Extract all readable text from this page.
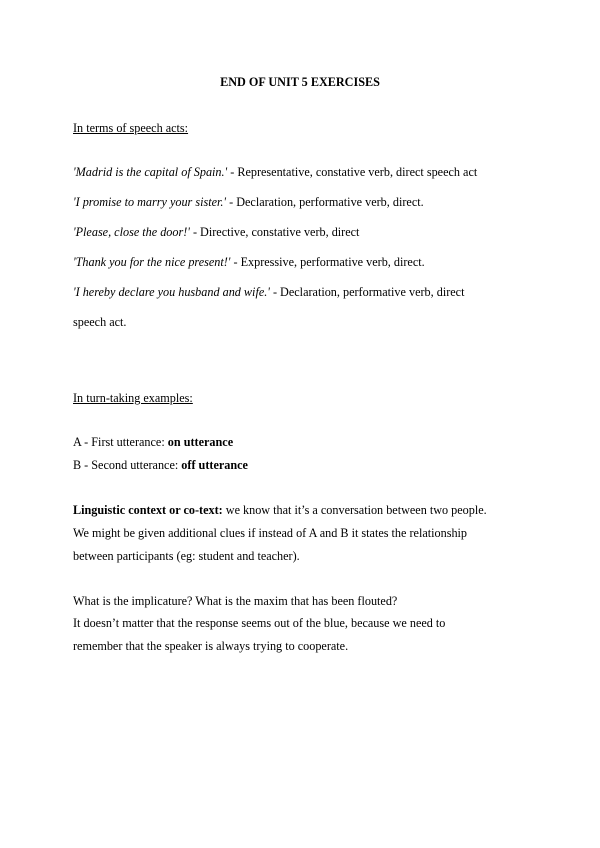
END OF UNIT 5 EXERCISES
In terms of speech acts:
'Madrid is the capital of Spain.' - Representative, constative verb, direct speech act
'I promise to marry your sister.' - Declaration, performative verb, direct.
'Please, close the door!' - Directive, constative verb, direct
'Thank you for the nice present!' - Expressive, performative verb, direct.
'I hereby declare you husband and wife.' - Declaration, performative verb, direct
speech act.
In turn-taking examples:
A - First utterance: on utterance
B - Second utterance: off utterance
Linguistic context or co-text: we know that it’s a conversation between two people.
We might be given additional clues if instead of A and B it states the relationship
between participants (eg: student and teacher).
What is the implicature? What is the maxim that has been flouted?
It doesn’t matter that the response seems out of the blue, because we need to
remember that the speaker is always trying to cooperate.
